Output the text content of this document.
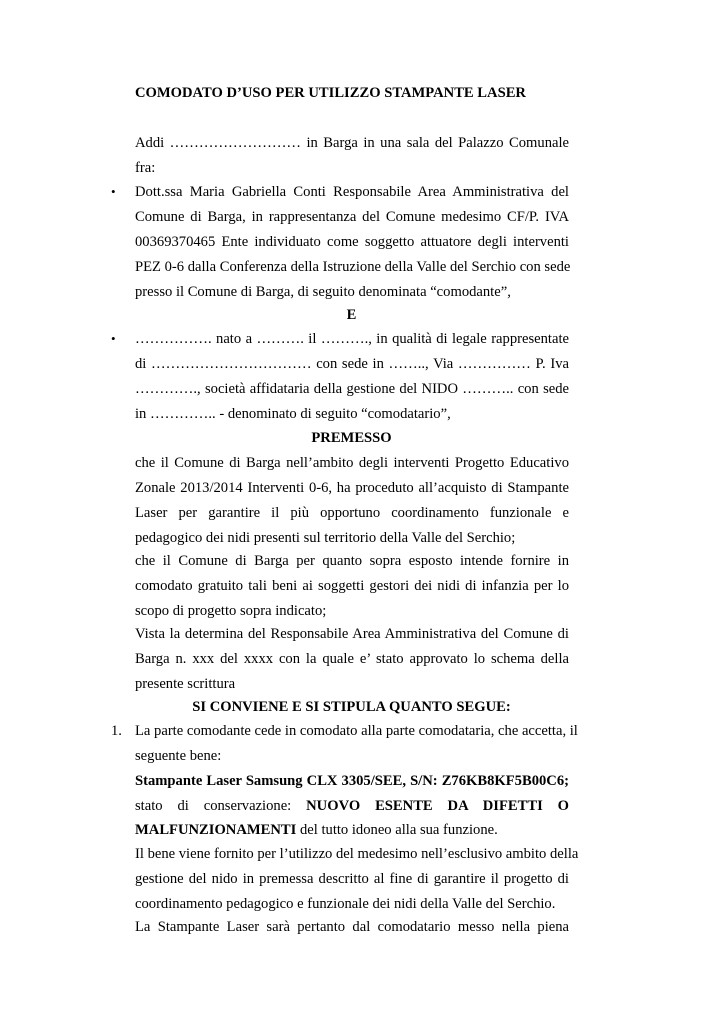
COMODATO D’USO PER UTILIZZO STAMPANTE LASER
Addi ……………………… in Barga in una sala del Palazzo Comunale
fra:
• Dott.ssa Maria Gabriella Conti Responsabile Area Amministrativa del
Comune di Barga, in rappresentanza del Comune medesimo CF/P. IVA
00369370465 Ente individuato come soggetto attuatore degli interventi
PEZ 0-6 dalla Conferenza della Istruzione della Valle del Serchio con sede
presso il Comune di Barga, di seguito denominata “comodante”,
E
• ……………. nato a ………. il ………., in qualità di legale rappresentate
di …………………………… con sede in …….., Via …………… P. Iva
…………., società affidataria della gestione del NIDO ……….. con sede
in ………….. - denominato di seguito “comodatario”,
PREMESSO
che il Comune di Barga nell’ambito degli interventi Progetto Educativo
Zonale 2013/2014 Interventi 0-6, ha proceduto all’acquisto di Stampante
Laser per garantire il più opportuno coordinamento funzionale e
pedagogico dei nidi presenti sul territorio della Valle del Serchio;
che il Comune di Barga per quanto sopra esposto intende fornire in
comodato gratuito tali beni ai soggetti gestori dei nidi di infanzia per lo
scopo di progetto sopra indicato;
Vista la determina del Responsabile Area Amministrativa del Comune di
Barga n. xxx del xxxx con la quale e’ stato approvato lo schema della
presente scrittura
SI CONVIENE E SI STIPULA QUANTO SEGUE:
1. La parte comodante cede in comodato alla parte comodataria, che accetta, il
seguente bene:
Stampante Laser Samsung CLX 3305/SEE, S/N: Z76KB8KF5B00C6;
stato di conservazione: NUOVO ESENTE DA DIFETTI O
MALFUNZIONAMENTI del tutto idoneo alla sua funzione.
Il bene viene fornito per l’utilizzo del medesimo nell’esclusivo ambito della
gestione del nido in premessa descritto al fine di garantire il progetto di
coordinamento pedagogico e funzionale dei nidi della Valle del Serchio.
La Stampante Laser sarà pertanto dal comodatario messo nella piena
